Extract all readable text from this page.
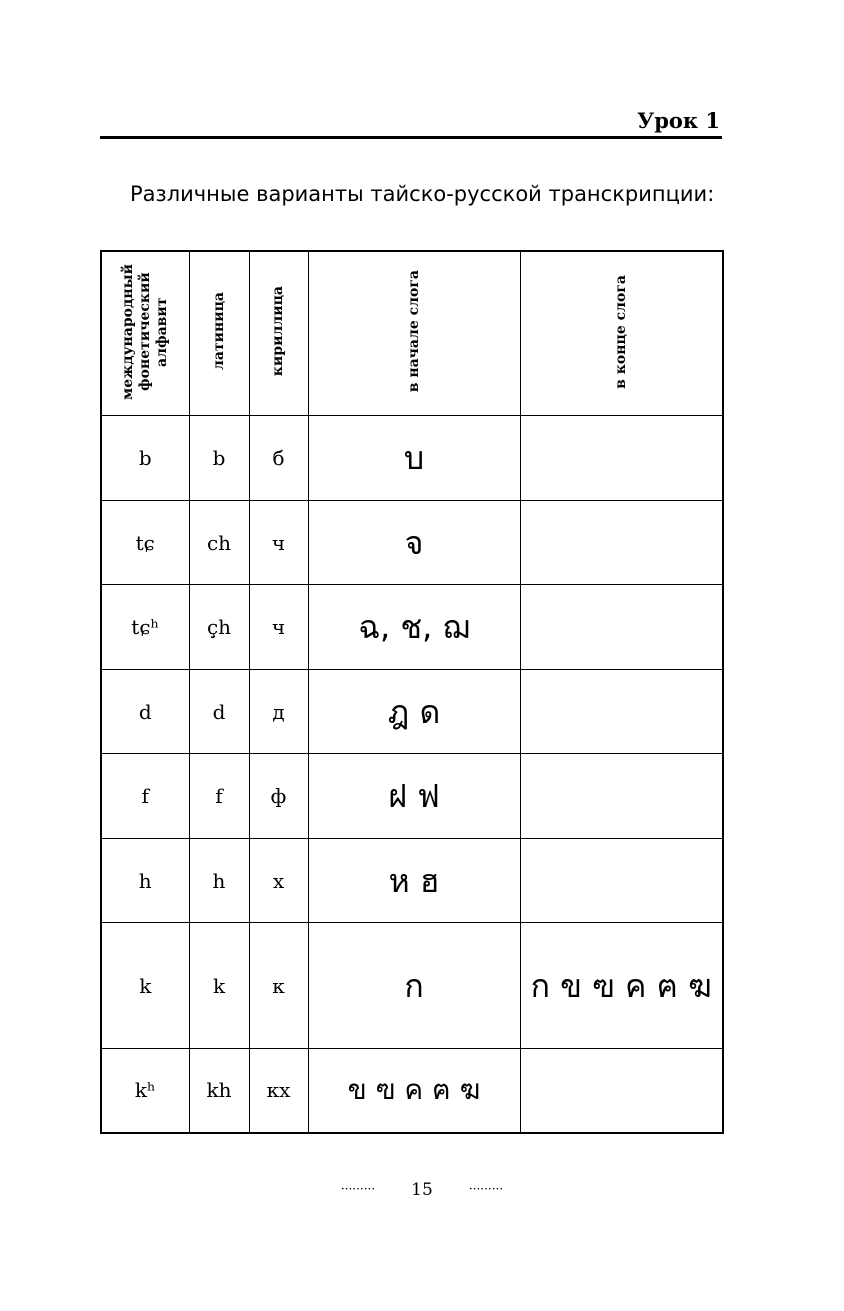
Урок 1
Различные варианты тайско-русской транскрипции:
международный
фонетический
алфавит	латиница	кириллица	в начале слога	в конце слога
b	b	б	บ	
tɕ	ch	ч	จ	
tɕʰ	ç̧h	ч	ฉ, ช, ฌ	
d	d	д	ฎ ด	
f	f	ф	ฝ ฟ	
h	h	х	ห ฮ	
k	k	к	ก	ก ข ฃ ค ฅ ฆ
kʰ	kh	кх	ข ฃ ค ฅ ฆ	
········· 15	·········
